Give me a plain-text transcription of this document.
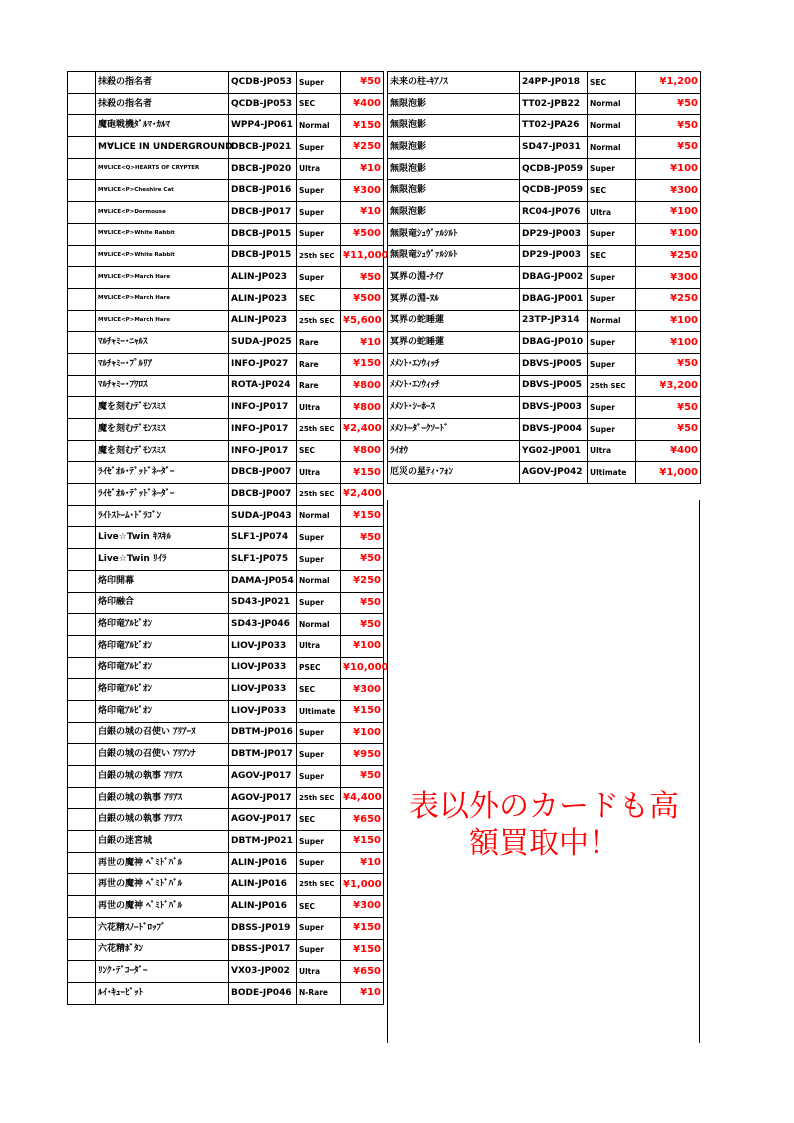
	抹殺の指名者	QCDB-JP053	Super	¥50
	抹殺の指名者	QCDB-JP053	SEC	¥400
	魔砲戦機ﾀﾞﾙﾏ･ｶﾙﾏ	WPP4-JP061	Normal	¥150
	M∀LICE IN UNDERGROUND	DBCB-JP021	Super	¥250
	M∀LICE<Q>HEARTS OF CRYPTER	DBCB-JP020	Ultra	¥10
	M∀LICE<P>Cheshire Cat	DBCB-JP016	Super	¥300
	M∀LICE<P>Dormouse	DBCB-JP017	Super	¥10
	M∀LICE<P>White Rabbit	DBCB-JP015	Super	¥500
	M∀LICE<P>White Rabbit	DBCB-JP015	25th SEC	¥11,000
	M∀LICE<P>March Hare	ALIN-JP023	Super	¥50
	M∀LICE<P>March Hare	ALIN-JP023	SEC	¥500
	M∀LICE<P>March Hare	ALIN-JP023	25th SEC	¥5,600
	ﾏﾙﾁｬﾐｰ･ﾆｬﾙｽ	SUDA-JP025	Rare	¥10
	ﾏﾙﾁｬﾐｰ･ﾌﾟﾙﾘｱ	INFO-JP027	Rare	¥150
	ﾏﾙﾁｬﾐｰ･ﾌﾜﾛｽ	ROTA-JP024	Rare	¥800
	魔を刻むﾃﾞﾓﾝｽﾐｽ	INFO-JP017	Ultra	¥800
	魔を刻むﾃﾞﾓﾝｽﾐｽ	INFO-JP017	25th SEC	¥2,400
	魔を刻むﾃﾞﾓﾝｽﾐｽ	INFO-JP017	SEC	¥800
	ﾗｲｾﾞｵﾙ･ﾃﾞｯﾄﾞﾈｰﾀﾞｰ	DBCB-JP007	Ultra	¥150
	ﾗｲｾﾞｵﾙ･ﾃﾞｯﾄﾞﾈｰﾀﾞｰ	DBCB-JP007	25th SEC	¥2,400
	ﾗｲﾄｽﾄｰﾑ･ﾄﾞﾗｺﾞﾝ	SUDA-JP043	Normal	¥150
	Live☆Twin ｷｽｷﾙ	SLF1-JP074	Super	¥50
	Live☆Twin ﾘｲﾗ	SLF1-JP075	Super	¥50
	烙印開幕	DAMA-JP054	Normal	¥250
	烙印融合	SD43-JP021	Super	¥50
	烙印竜ｱﾙﾋﾞｵﾝ	SD43-JP046	Normal	¥50
	烙印竜ｱﾙﾋﾞｵﾝ	LIOV-JP033	Ultra	¥100
	烙印竜ｱﾙﾋﾞｵﾝ	LIOV-JP033	PSEC	¥10,000
	烙印竜ｱﾙﾋﾞｵﾝ	LIOV-JP033	SEC	¥300
	烙印竜ｱﾙﾋﾞｵﾝ	LIOV-JP033	Ultimate	¥150
	白銀の城の召使い ｱﾘｱｰﾇ	DBTM-JP016	Super	¥100
	白銀の城の召使い ｱﾘｱﾝﾅ	DBTM-JP017	Super	¥950
	白銀の城の執事 ｱﾘｱｽ	AGOV-JP017	Super	¥50
	白銀の城の執事 ｱﾘｱｽ	AGOV-JP017	25th SEC	¥4,400
	白銀の城の執事 ｱﾘｱｽ	AGOV-JP017	SEC	¥650
	白銀の迷宮城	DBTM-JP021	Super	¥150
	再世の魔神 ﾍﾞﾐﾄﾞﾊﾞﾙ	ALIN-JP016	Super	¥10
	再世の魔神 ﾍﾞﾐﾄﾞﾊﾞﾙ	ALIN-JP016	25th SEC	¥1,000
	再世の魔神 ﾍﾞﾐﾄﾞﾊﾞﾙ	ALIN-JP016	SEC	¥300
	六花精ｽﾉｰﾄﾞﾛｯﾌﾟ	DBSS-JP019	Super	¥150
	六花精ﾎﾞﾀﾝ	DBSS-JP017	Super	¥150
	ﾘﾝｸ･ﾃﾞｺｰﾀﾞｰ	VX03-JP002	Ultra	¥650
	ﾙｲ･ｷｭｰﾋﾞｯﾄ	BODE-JP046	N-Rare	¥10
未来の柱-ｷｱﾉｽ	24PP-JP018	SEC	¥1,200
無限泡影	TT02-JPB22	Normal	¥50
無限泡影	TT02-JPA26	Normal	¥50
無限泡影	SD47-JP031	Normal	¥50
無限泡影	QCDB-JP059	Super	¥100
無限泡影	QCDB-JP059	SEC	¥300
無限泡影	RC04-JP076	Ultra	¥100
無限竜ｼｭｳﾞｧﾙｼﾙﾄ	DP29-JP003	Super	¥100
無限竜ｼｭｳﾞｧﾙｼﾙﾄ	DP29-JP003	SEC	¥250
冥界の淵-ﾅｲｱ	DBAG-JP002	Super	¥300
冥界の淵-ﾇﾙ	DBAG-JP001	Super	¥250
冥界の蛇睡蓮	23TP-JP314	Normal	¥100
冥界の蛇睡蓮	DBAG-JP010	Super	¥100
ﾒﾒﾝﾄ･ｴﾝｳｨｯﾁ	DBVS-JP005	Super	¥50
ﾒﾒﾝﾄ･ｴﾝｳｨｯﾁ	DBVS-JP005	25th SEC	¥3,200
ﾒﾒﾝﾄ･ｼｰﾎｰｽ	DBVS-JP003	Super	¥50
ﾒﾒﾝﾄｰﾀﾞｰｸｿｰﾄﾞ	DBVS-JP004	Super	¥50
ﾗｲｵｳ	YG02-JP001	Ultra	¥400
厄災の星ﾃｨ･ﾌｫﾝ	AGOV-JP042	Ultimate	¥1,000
表以外のカードも高
額買取中！
